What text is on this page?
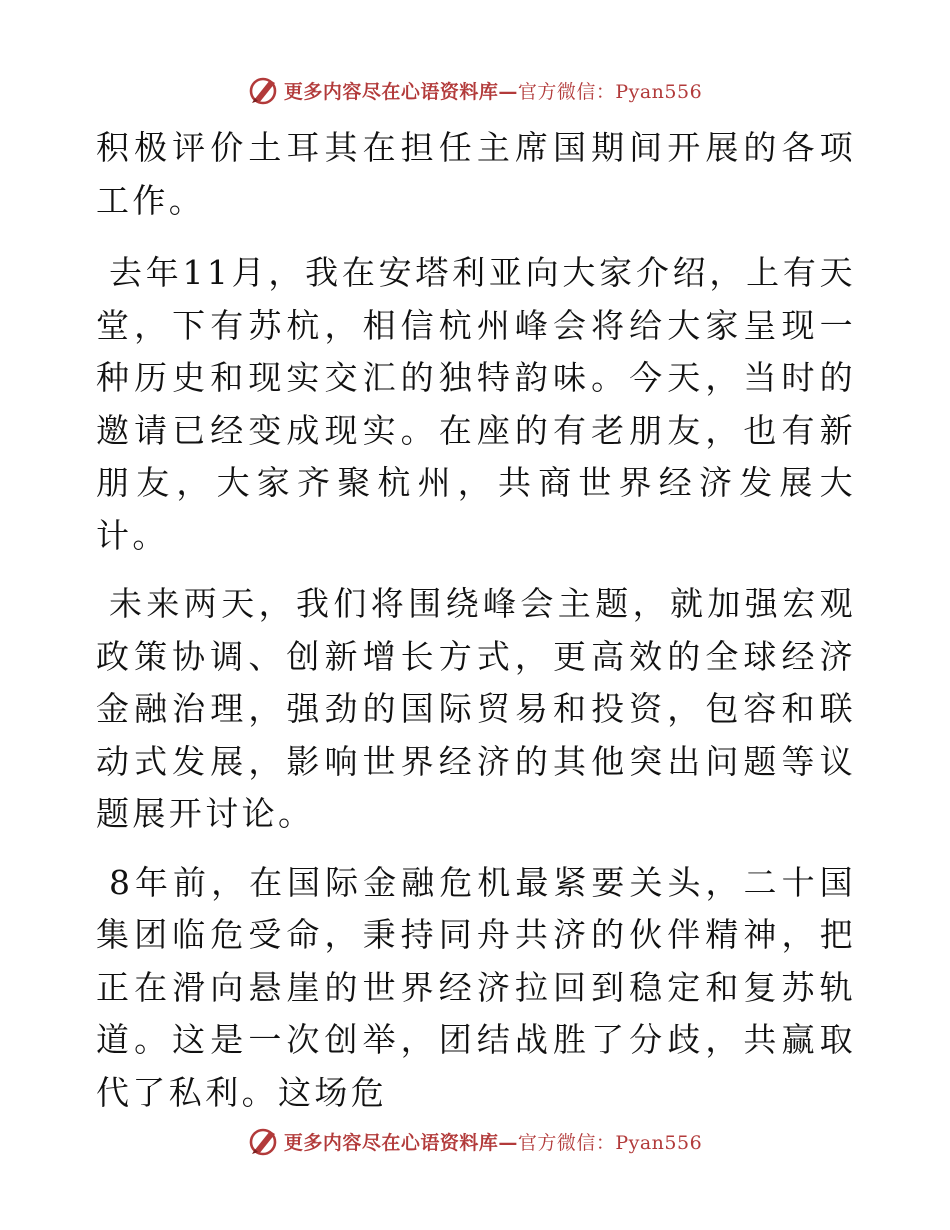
更多内容尽在心语资料库—官方微信：Pyan556

积极评价土耳其在担任主席国期间开展的各项工作。

去年11月，我在安塔利亚向大家介绍，上有天堂，下有苏杭，相信杭州峰会将给大家呈现一种历史和现实交汇的独特韵味。今天，当时的邀请已经变成现实。在座的有老朋友，也有新朋友，大家齐聚杭州，共商世界经济发展大计。

未来两天，我们将围绕峰会主题，就加强宏观政策协调、创新增长方式，更高效的全球经济金融治理，强劲的国际贸易和投资，包容和联动式发展，影响世界经济的其他突出问题等议题展开讨论。

8年前，在国际金融危机最紧要关头，二十国集团临危受命，秉持同舟共济的伙伴精神，把正在滑向悬崖的世界经济拉回到稳定和复苏轨道。这是一次创举，团结战胜了分歧，共赢取代了私利。这场危

更多内容尽在心语资料库—官方微信：Pyan556
